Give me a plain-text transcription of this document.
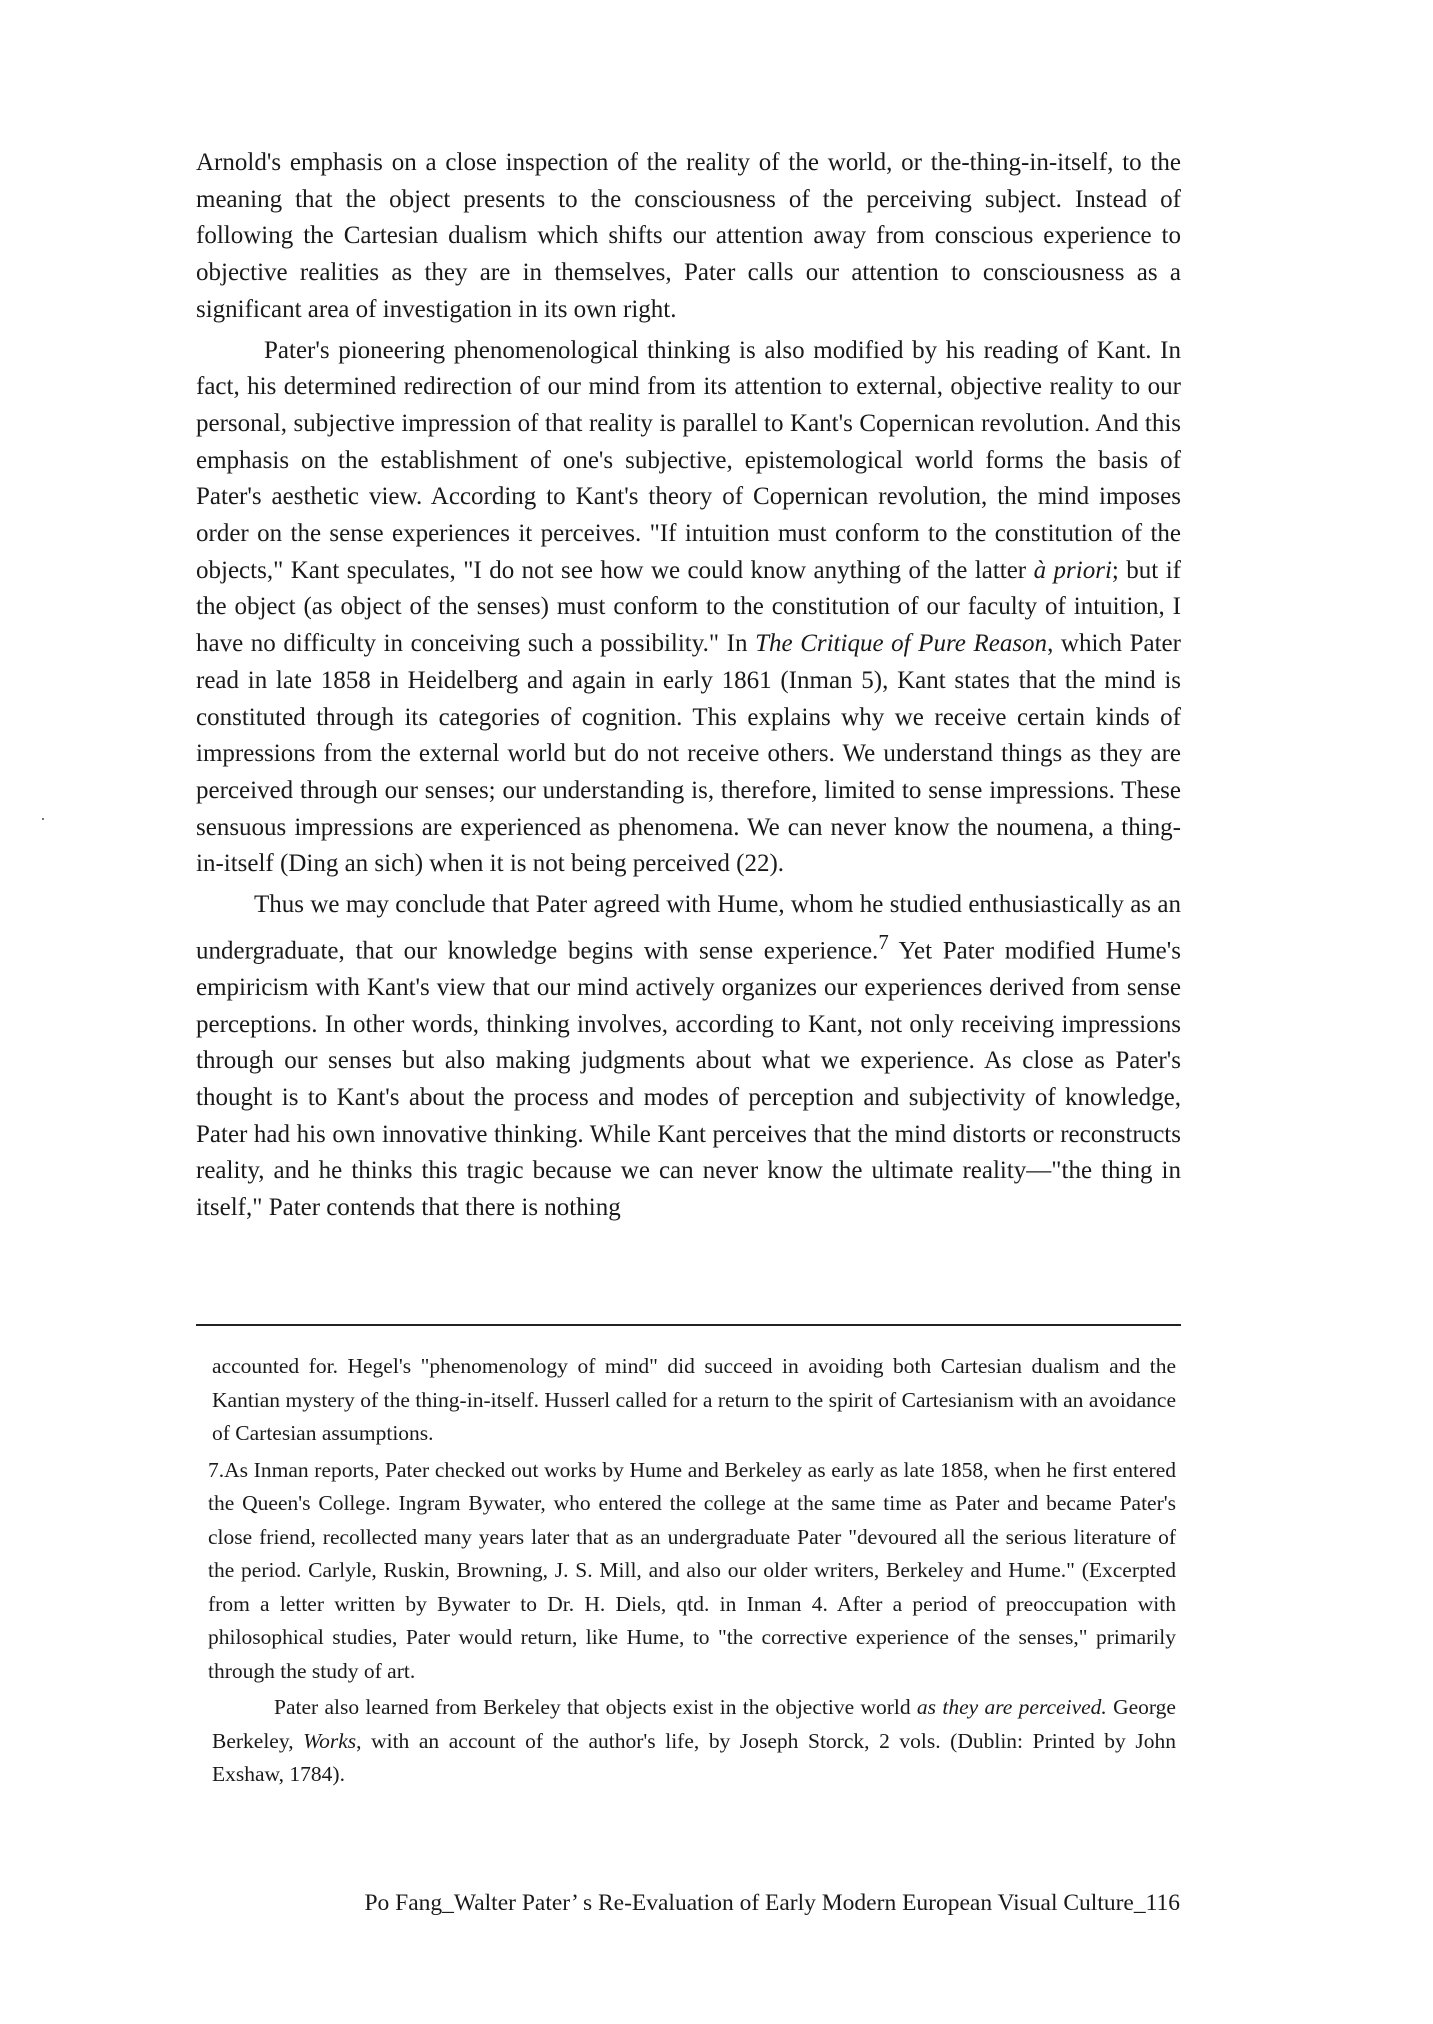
Arnold's emphasis on a close inspection of the reality of the world, or the-thing-in-itself, to the meaning that the object presents to the consciousness of the perceiving subject. Instead of following the Cartesian dualism which shifts our attention away from conscious experience to objective realities as they are in themselves, Pater calls our attention to consciousness as a significant area of investigation in its own right.

Pater's pioneering phenomenological thinking is also modified by his reading of Kant. In fact, his determined redirection of our mind from its attention to external, objective reality to our personal, subjective impression of that reality is parallel to Kant's Copernican revolution. And this emphasis on the establishment of one's subjective, epistemological world forms the basis of Pater's aesthetic view. According to Kant's theory of Copernican revolution, the mind imposes order on the sense experiences it perceives. "If intuition must conform to the constitution of the objects," Kant speculates, "I do not see how we could know anything of the latter à priori; but if the object (as object of the senses) must conform to the constitution of our faculty of intuition, I have no difficulty in conceiving such a possibility." In The Critique of Pure Reason, which Pater read in late 1858 in Heidelberg and again in early 1861 (Inman 5), Kant states that the mind is constituted through its categories of cognition. This explains why we receive certain kinds of impressions from the external world but do not receive others. We understand things as they are perceived through our senses; our understanding is, therefore, limited to sense impressions. These sensuous impressions are experienced as phenomena. We can never know the noumena, a thing-in-itself (Ding an sich) when it is not being perceived (22).

Thus we may conclude that Pater agreed with Hume, whom he studied enthusiastically as an undergraduate, that our knowledge begins with sense experience.$^7$ Yet Pater modified Hume's empiricism with Kant's view that our mind actively organizes our experiences derived from sense perceptions. In other words, thinking involves, according to Kant, not only receiving impressions through our senses but also making judgments about what we experience. As close as Pater's thought is to Kant's about the process and modes of perception and subjectivity of knowledge, Pater had his own innovative thinking. While Kant perceives that the mind distorts or reconstructs reality, and he thinks this tragic because we can never know the ultimate reality—"the thing in itself," Pater contends that there is nothing

accounted for. Hegel's "phenomenology of mind" did succeed in avoiding both Cartesian dualism and the Kantian mystery of the thing-in-itself. Husserl called for a return to the spirit of Cartesianism with an avoidance of Cartesian assumptions.

7.As Inman reports, Pater checked out works by Hume and Berkeley as early as late 1858, when he first entered the Queen's College. Ingram Bywater, who entered the college at the same time as Pater and became Pater's close friend, recollected many years later that as an undergraduate Pater "devoured all the serious literature of the period. Carlyle, Ruskin, Browning, J. S. Mill, and also our older writers, Berkeley and Hume." (Excerpted from a letter written by Bywater to Dr. H. Diels, qtd. in Inman 4. After a period of preoccupation with philosophical studies, Pater would return, like Hume, to "the corrective experience of the senses," primarily through the study of art.

Pater also learned from Berkeley that objects exist in the objective world as they are perceived. George Berkeley, Works, with an account of the author's life, by Joseph Storck, 2 vols. (Dublin: Printed by John Exshaw, 1784).

Po Fang_Walter Pater’ s Re-Evaluation of Early Modern European Visual Culture_116
